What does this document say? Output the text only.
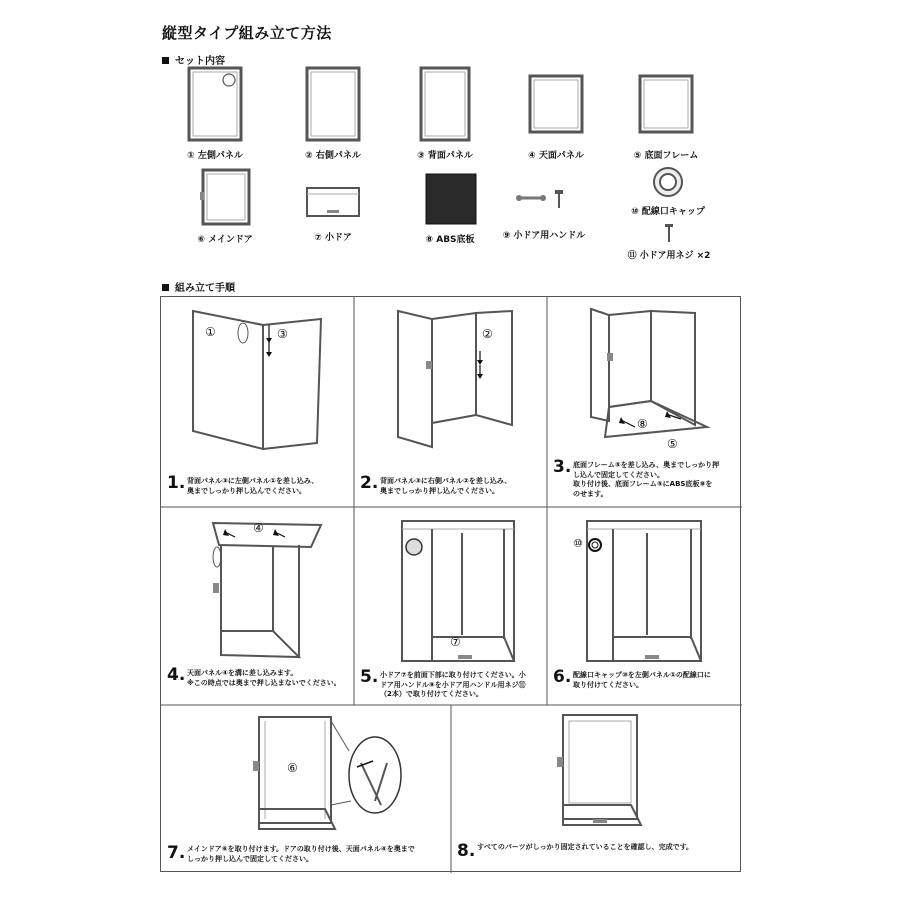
縦型タイプ組み立て方法
セット内容
① 左側パネル	② 右側パネル	③ 背面パネル	④ 天面パネル	⑤ 底面フレーム
⑥ メインドア	⑦ 小ドア	⑧ ABS底板	⑨ 小ドア用ハンドル
⑩ 配線口キャップ
⑪ 小ドア用ネジ ×2
組み立て手順
①	③
1. 背面パネル③に左側パネル①を差し込み、
奥までしっかり押し込んでください。
②
2. 背面パネル③に右側パネル②を差し込み、
奥までしっかり押し込んでください。
⑧
⑤
3. 底面フレーム⑤を差し込み、奥までしっかり押
し込んで固定してください。
取り付け後、底面フレーム⑤にABS底板⑧を
のせます。
④
4. 天面パネル④を溝に差し込みます。
※この時点では奥まで押し込まないでください。
⑦
5. 小ドア⑦を前面下部に取り付けてください。小
ドア用ハンドル⑨を小ドア用ハンドル用ネジ⑪
（2本）で取り付けてください。
⑩
6. 配線口キャップ⑩を左側パネル①の配線口に
取り付けてください。
⑥
7. メインドア⑥を取り付けます。ドアの取り付け後、天面パネル④を奥まで
しっかり押し込んで固定してください。	8. すべてのパーツがしっかり固定されていることを確認し、完成です。
